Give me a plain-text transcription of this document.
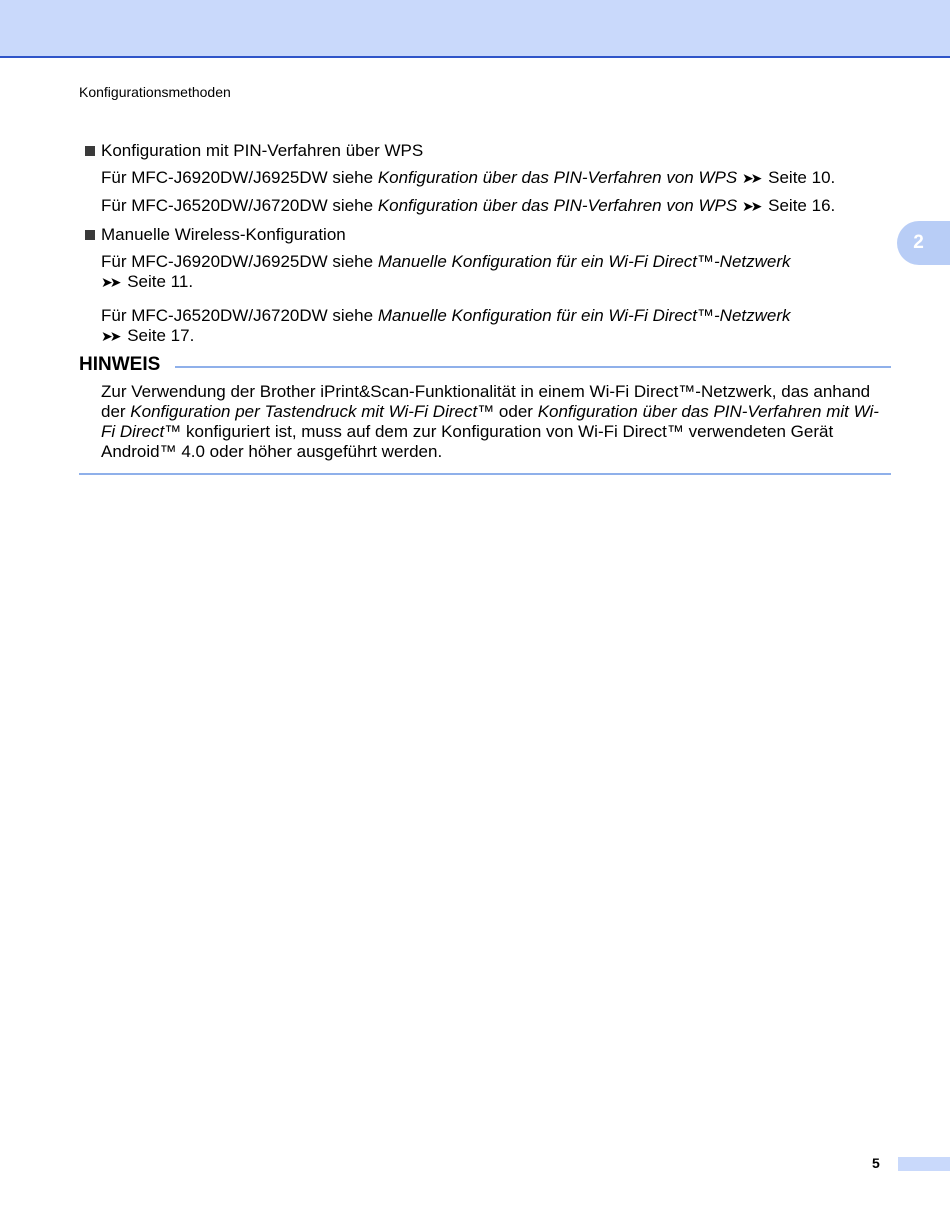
Konfigurationsmethoden
2
Konfiguration mit PIN-Verfahren über WPS
Für MFC-J6920DW/J6925DW siehe Konfiguration über das PIN-Verfahren von WPS ➤➤ Seite 10.
Für MFC-J6520DW/J6720DW siehe Konfiguration über das PIN-Verfahren von WPS ➤➤ Seite 16.
Manuelle Wireless-Konfiguration
Für MFC-J6920DW/J6925DW siehe Manuelle Konfiguration für ein Wi-Fi Direct™-Netzwerk
➤➤ Seite 11.
Für MFC-J6520DW/J6720DW siehe Manuelle Konfiguration für ein Wi-Fi Direct™-Netzwerk
➤➤ Seite 17.
HINWEIS
Zur Verwendung der Brother iPrint&Scan-Funktionalität in einem Wi-Fi Direct™-Netzwerk, das anhand der Konfiguration per Tastendruck mit Wi-Fi Direct™ oder Konfiguration über das PIN-Verfahren mit Wi-Fi Direct™ konfiguriert ist, muss auf dem zur Konfiguration von Wi-Fi Direct™ verwendeten Gerät Android™ 4.0 oder höher ausgeführt werden.
5
